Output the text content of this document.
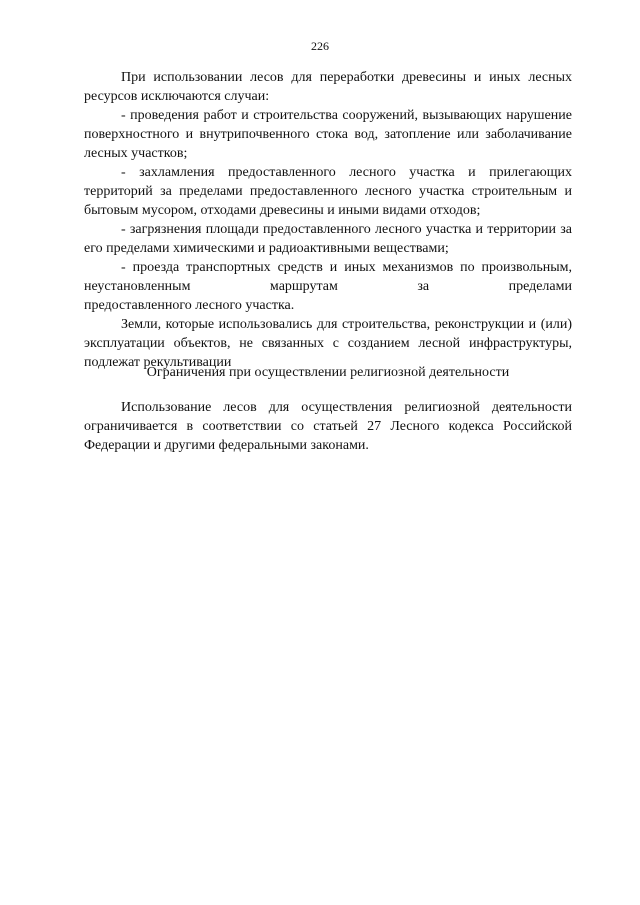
226

При использовании лесов для переработки древесины и иных лесных ресурсов исключаются случаи:

- проведения работ и строительства сооружений, вызывающих нарушение поверхностного и внутрипочвенного стока вод, затопление или заболачивание лесных участков;

- захламления предоставленного лесного участка и прилегающих территорий за пределами предоставленного лесного участка строительным и бытовым мусором, отходами древесины и иными видами отходов;

- загрязнения площади предоставленного лесного участка и территории за его пределами химическими и радиоактивными веществами;

- проезда транспортных средств и иных механизмов по произвольным, неустановленным маршрутам за пределами

предоставленного лесного участка.

Земли, которые использовались для строительства, реконструкции и (или) эксплуатации объектов, не связанных с созданием лесной инфраструктуры, подлежат рекультивации

Ограничения при осуществлении религиозной деятельности

Использование лесов для осуществления религиозной деятельности ограничивается в соответствии со статьей 27 Лесного кодекса Российской Федерации и другими федеральными законами.
